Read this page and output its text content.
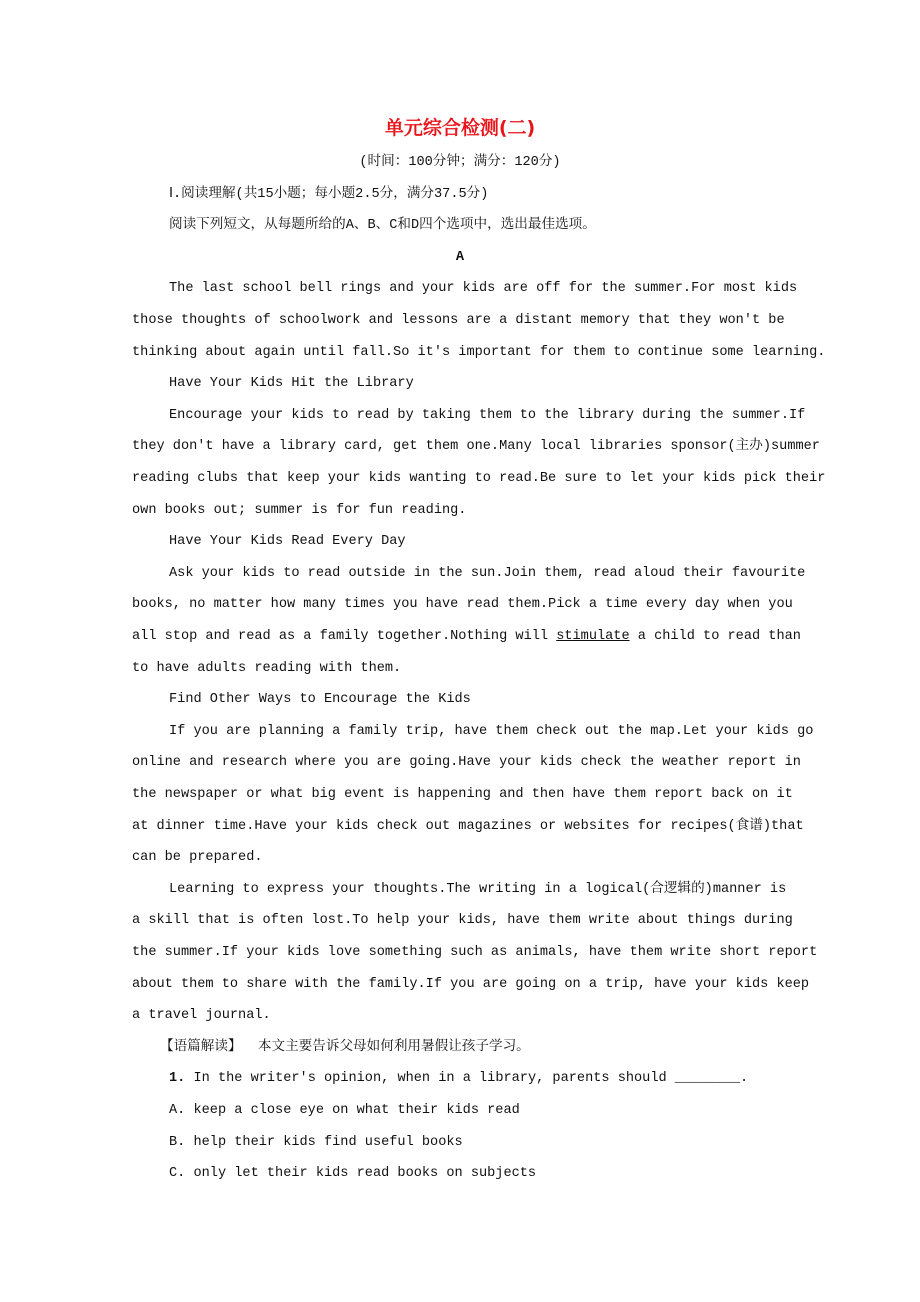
单元综合检测(二)
(时间：100分钟；满分：120分)
Ⅰ.阅读理解(共15小题；每小题2.5分，满分37.5分)
阅读下列短文，从每题所给的A、B、C和D四个选项中，选出最佳选项。
A
The last school bell rings and your kids are off for the summer.For most kids
those thoughts of schoolwork and lessons are a distant memory that they won't be
thinking about again until fall.So it's important for them to continue some learning.
Have Your Kids Hit the Library
Encourage your kids to read by taking them to the library during the summer.If
they don't have a library card, get them one.Many local libraries sponsor(主办)summer
reading clubs that keep your kids wanting to read.Be sure to let your kids pick their
own books out; summer is for fun reading.
Have Your Kids Read Every Day
Ask your kids to read outside in the sun.Join them, read aloud their favourite
books, no matter how many times you have read them.Pick a time every day when you
all stop and read as a family together.Nothing will stimulate a child to read than
to have adults reading with them.
Find Other Ways to Encourage the Kids
If you are planning a family trip, have them check out the map.Let your kids go
online and research where you are going.Have your kids check the weather report in
the newspaper or what big event is happening and then have them report back on it
at dinner time.Have your kids check out magazines or websites for recipes(食谱)that
can be prepared.
Learning to express your thoughts.The writing in a logical(合逻辑的)manner is
a skill that is often lost.To help your kids, have them write about things during
the summer.If your kids love something such as animals, have them write short report
about them to share with the family.If you are going on a trip, have your kids keep
a travel journal.
【语篇解读】 本文主要告诉父母如何利用暑假让孩子学习。
1. In the writer's opinion, when in a library, parents should ________.
A. keep a close eye on what their kids read
B. help their kids find useful books
C. only let their kids read books on subjects
